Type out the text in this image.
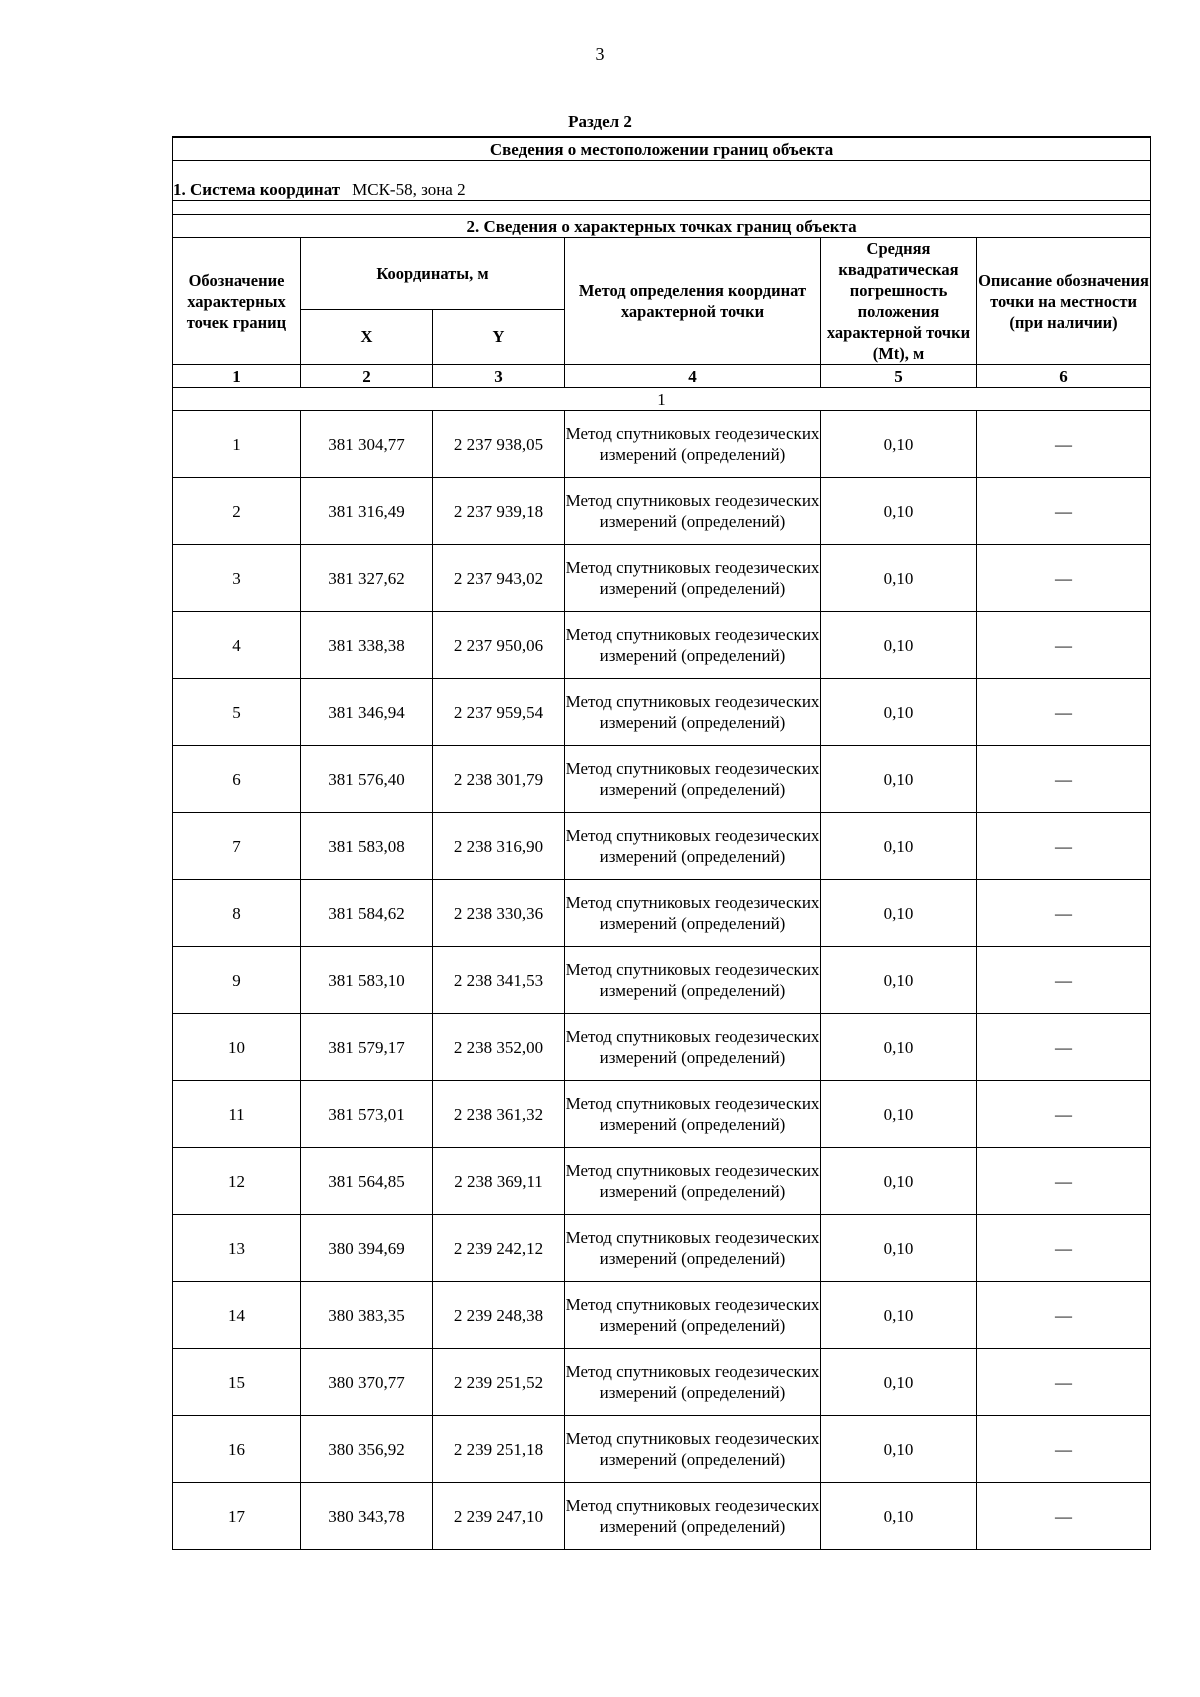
3
Раздел 2
Сведения о местоположении границ объекта					

1. Система координат МСК-58, зона 2					

2. Сведения о характерных точках границ объекта					
Обозначение характерных точек границ	Координаты, м		Метод определения координат характерной точки	Средняя квадратическая погрешность положения характерной точки (Mt), м	Описание обозначения точки на местности (при наличии)
	X	Y			
1	2	3	4	5	6
1					
1	381 304,77	2 237 938,05	Метод спутниковых геодезических измерений (определений)	0,10	—
2	381 316,49	2 237 939,18	Метод спутниковых геодезических измерений (определений)	0,10	—
3	381 327,62	2 237 943,02	Метод спутниковых геодезических измерений (определений)	0,10	—
4	381 338,38	2 237 950,06	Метод спутниковых геодезических измерений (определений)	0,10	—
5	381 346,94	2 237 959,54	Метод спутниковых геодезических измерений (определений)	0,10	—
6	381 576,40	2 238 301,79	Метод спутниковых геодезических измерений (определений)	0,10	—
7	381 583,08	2 238 316,90	Метод спутниковых геодезических измерений (определений)	0,10	—
8	381 584,62	2 238 330,36	Метод спутниковых геодезических измерений (определений)	0,10	—
9	381 583,10	2 238 341,53	Метод спутниковых геодезических измерений (определений)	0,10	—
10	381 579,17	2 238 352,00	Метод спутниковых геодезических измерений (определений)	0,10	—
11	381 573,01	2 238 361,32	Метод спутниковых геодезических измерений (определений)	0,10	—
12	381 564,85	2 238 369,11	Метод спутниковых геодезических измерений (определений)	0,10	—
13	380 394,69	2 239 242,12	Метод спутниковых геодезических измерений (определений)	0,10	—
14	380 383,35	2 239 248,38	Метод спутниковых геодезических измерений (определений)	0,10	—
15	380 370,77	2 239 251,52	Метод спутниковых геодезических измерений (определений)	0,10	—
16	380 356,92	2 239 251,18	Метод спутниковых геодезических измерений (определений)	0,10	—
17	380 343,78	2 239 247,10	Метод спутниковых геодезических измерений (определений)	0,10	—
